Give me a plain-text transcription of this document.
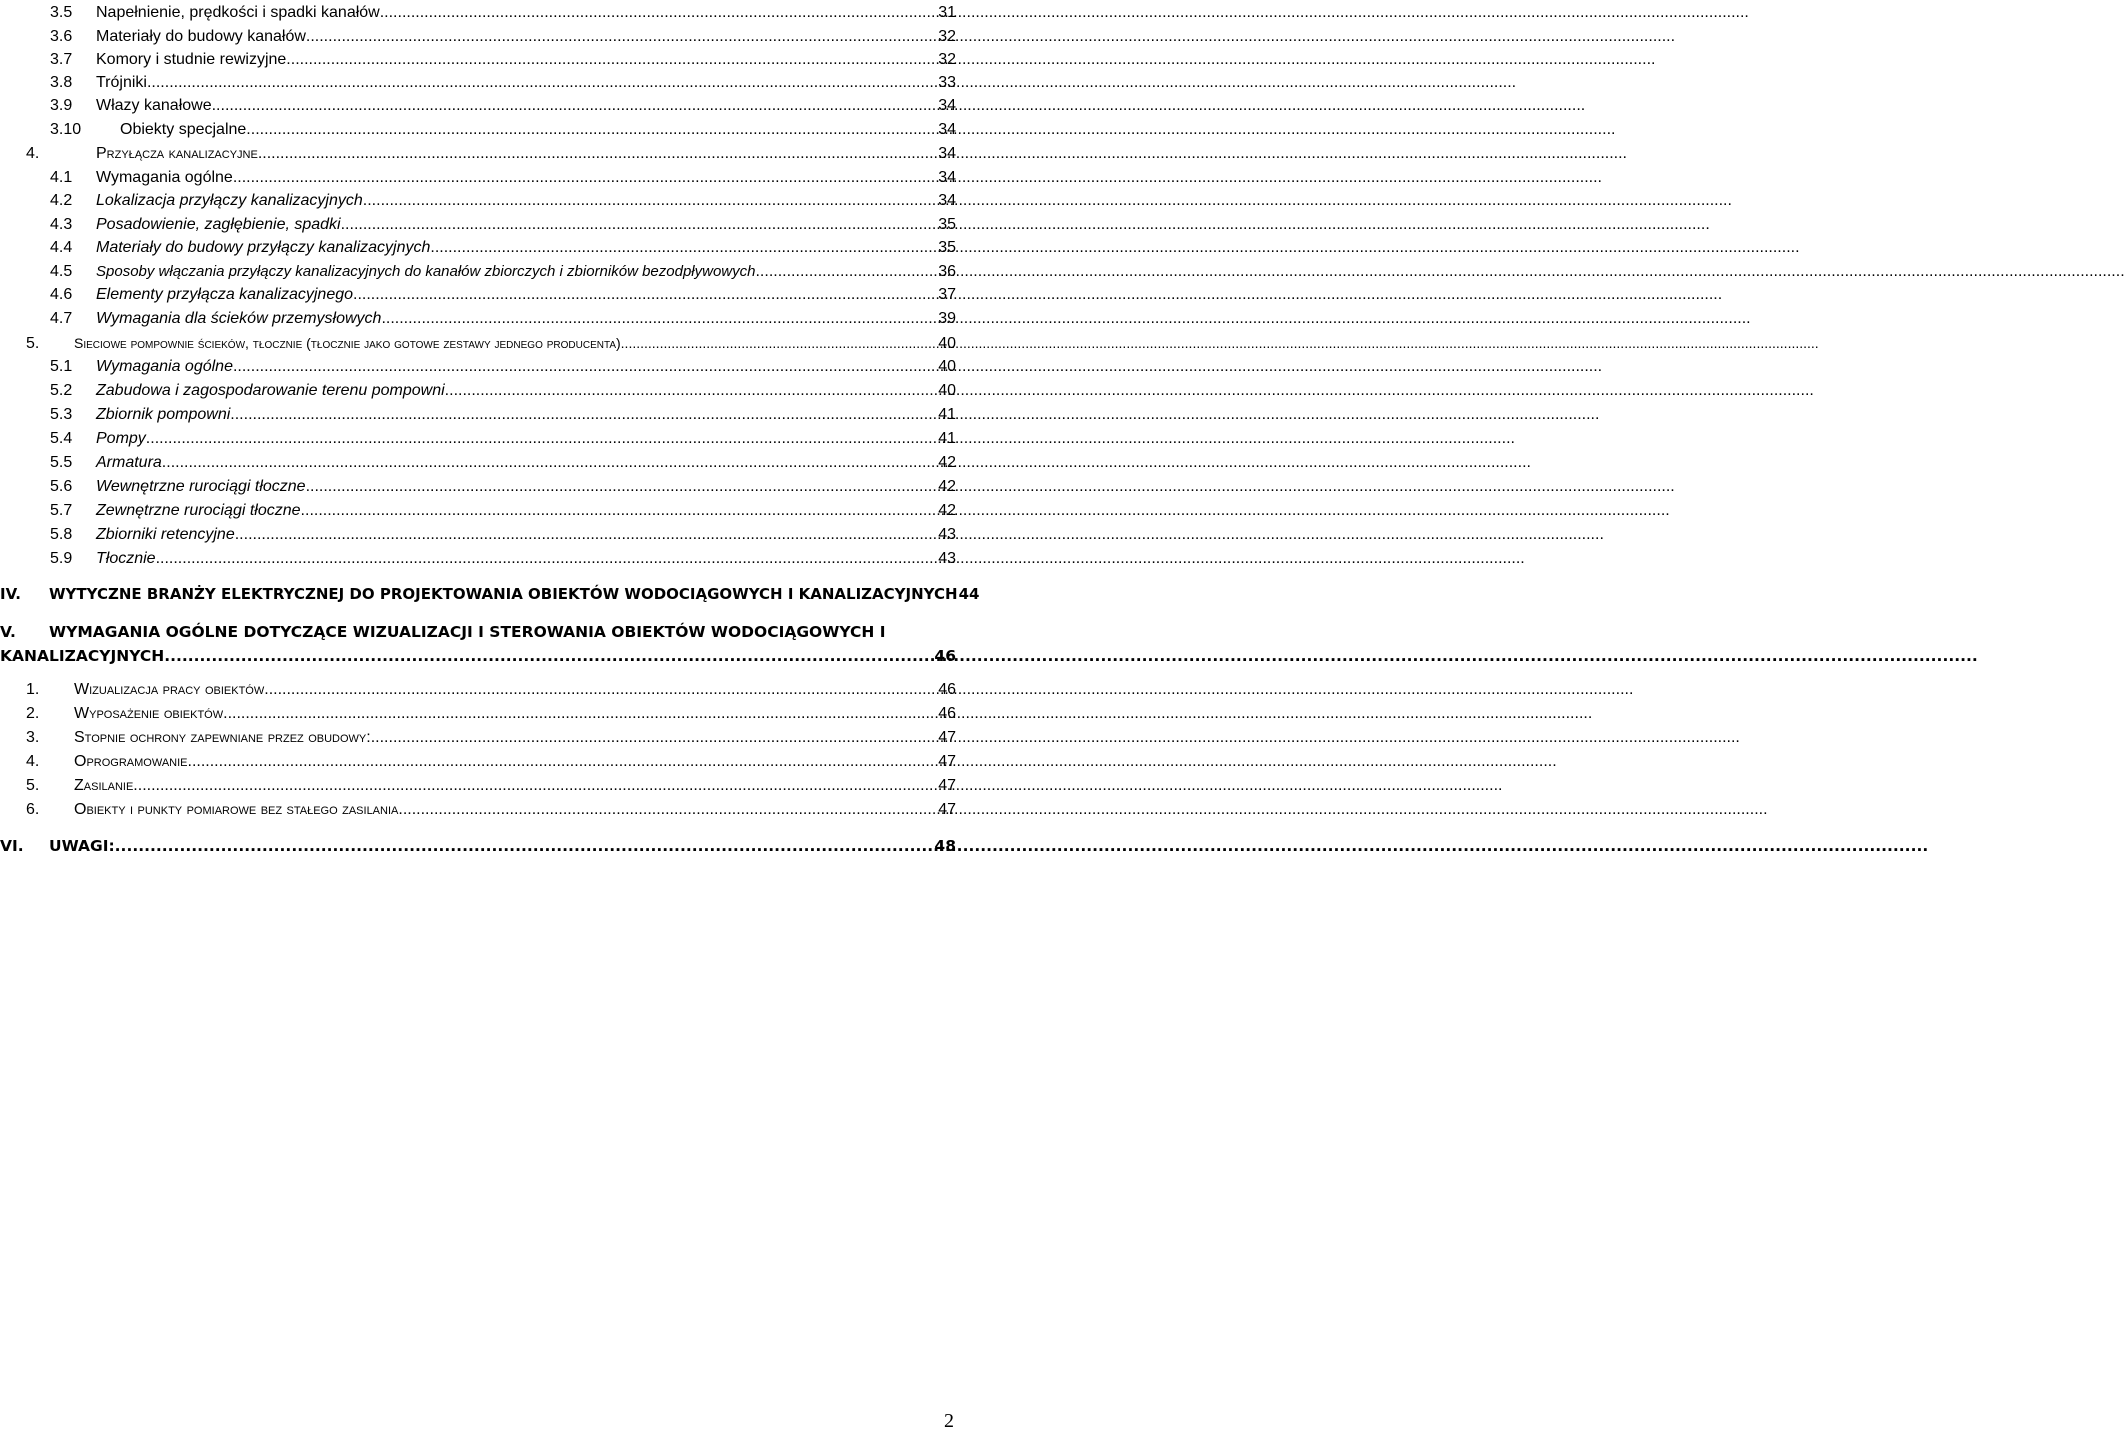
3.5	Napełnienie, prędkości i spadki kanałów .....	31
3.6	Materiały do budowy kanałów .....	32
3.7	Komory i studnie rewizyjne .....	32
3.8	Trójniki .....	33
3.9	Włazy kanałowe. .....	34
3.10	Obiekty specjalne .....	34
4.	Przyłącza kanalizacyjne .....	34
4.1	Wymagania ogólne .....	34
4.2	Lokalizacja przyłączy kanalizacyjnych .....	34
4.3	Posadowienie, zagłębienie, spadki .....	35
4.4	Materiały do budowy przyłączy kanalizacyjnych .....	35
4.5	Sposoby włączania przyłączy kanalizacyjnych do kanałów zbiorczych i zbiorników bezodpływowych .....	36
4.6	Elementy przyłącza kanalizacyjnego .....	37
4.7	Wymagania dla ścieków przemysłowych .....	39
5.	Sieciowe pompownie ścieków, tłocznie (tłocznie jako gotowe zestawy jednego producenta) .....	40
5.1	Wymagania ogólne .....	40
5.2	Zabudowa i zagospodarowanie terenu pompowni .....	40
5.3	Zbiornik pompowni .....	41
5.4	Pompy .....	41
5.5	Armatura .....	42
5.6	Wewnętrzne rurociągi tłoczne .....	42
5.7	Zewnętrzne rurociągi tłoczne .....	42
5.8	Zbiorniki retencyjne .....	43
5.9	Tłocznie .....	43
IV.	WYTYCZNE BRANŻY ELEKTRYCZNEJ DO PROJEKTOWANIA OBIEKTÓW WODOCIĄGOWYCH I KANALIZACYJNYCH 44
V.	WYMAGANIA OGÓLNE DOTYCZĄCE WIZUALIZACJI I STEROWANIA OBIEKTÓW WODOCIĄGOWYCH I
KANALIZACYJNYCH .....	46
1.	Wizualizacja pracy obiektów .....	46
2.	Wyposażenie obiektów .....	46
3.	Stopnie ochrony zapewniane przez obudowy: .....	47
4.	Oprogramowanie .....	47
5.	Zasilanie .....	47
6.	Obiekty i punkty pomiarowe bez stałego zasilania .....	47
VI.	UWAGI: .....	48
2
